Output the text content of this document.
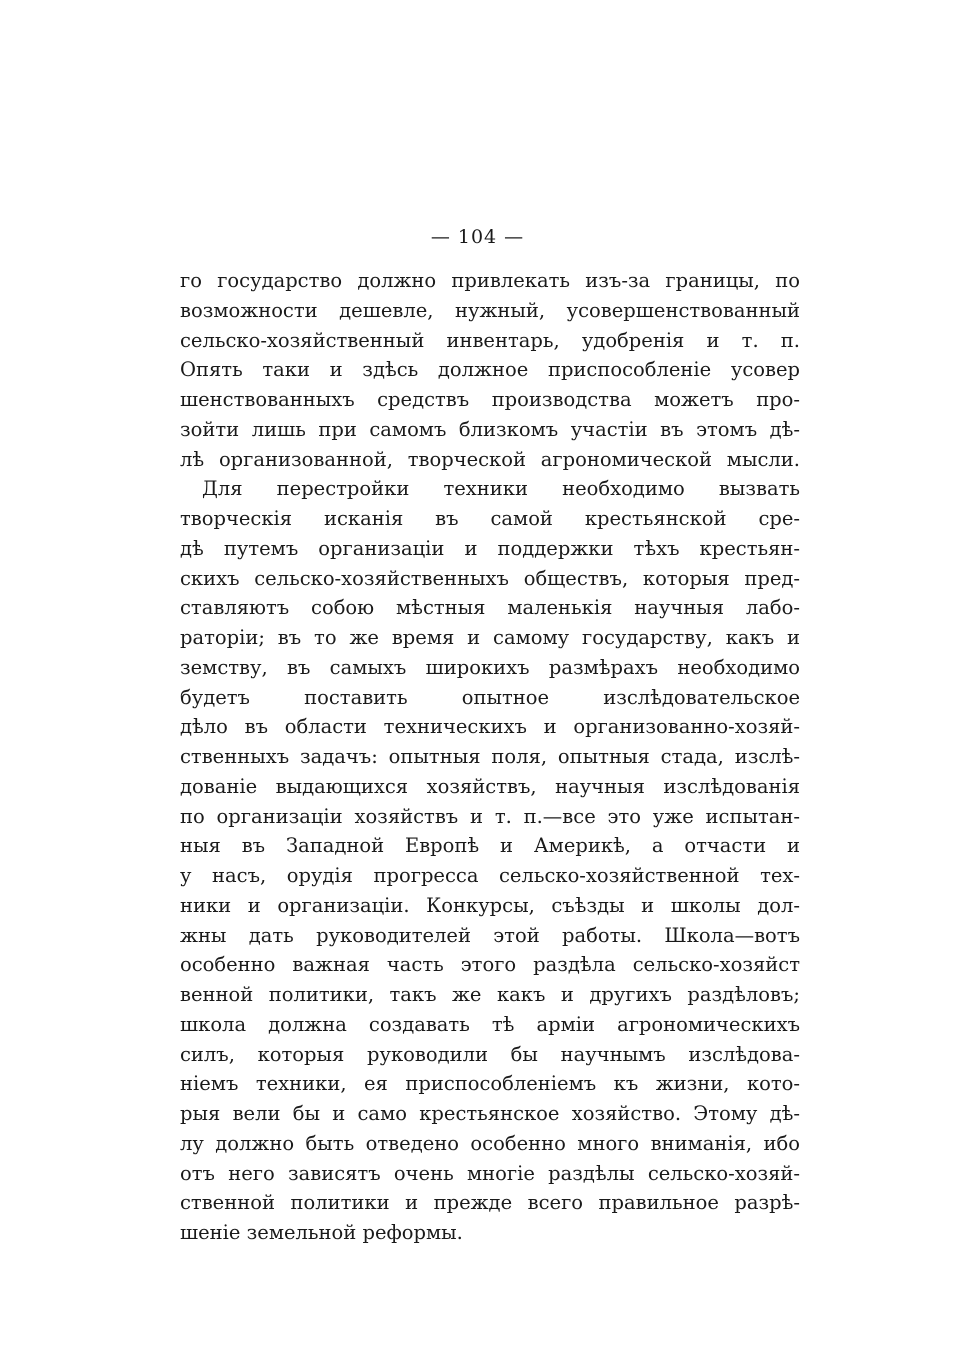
— 104 —
го государство должно привлекать изъ-за границы, по
возможности дешевле, нужный, усовершенствованный
сельско-хозяйственный инвентарь, удобренія и т. п.
Опять таки и здѣсь должное приспособленіе усовер
шенствованныхъ средствъ производства можетъ про-
зойти лишь при самомъ близкомъ участіи въ этомъ дѣ-
лѣ организованной, творческой агрономической мысли.
Для перестройки техники необходимо вызвать
творческія исканія въ самой крестьянской сре-
дѣ путемъ организаціи и поддержки тѣхъ крестьян-
скихъ сельско-хозяйственныхъ обществъ, которыя пред-
ставляютъ собою мѣстныя маленькія научныя лабо-
раторіи; въ то же время и самому государству, какъ и
земству, въ самыхъ широкихъ размѣрахъ необходимо
будетъ поставить опытное изслѣдовательское
дѣло въ области техническихъ и организованно-хозяй-
ственныхъ задачъ: опытныя поля, опытныя стада, изслѣ-
дованіе выдающихся хозяйствъ, научныя изслѣдованія
по организаціи хозяйствъ и т. п.—все это уже испытан-
ныя въ Западной Европѣ и Америкѣ, а отчасти и
у насъ, орудія прогресса сельско-хозяйственной тех-
ники и организаціи. Конкурсы, съѣзды и школы дол-
жны дать руководителей этой работы. Школа—вотъ
особенно важная часть этого раздѣла сельско-хозяйст
венной политики, такъ же какъ и другихъ раздѣловъ;
школа должна создавать тѣ арміи агрономическихъ
силъ, которыя руководили бы научнымъ изслѣдова-
ніемъ техники, ея приспособленіемъ къ жизни, кото-
рыя вели бы и само крестьянское хозяйство. Этому дѣ-
лу должно быть отведено особенно много вниманія, ибо
отъ него зависятъ очень многіе раздѣлы сельско-хозяй-
ственной политики и прежде всего правильное разрѣ-
шеніе земельной реформы.
